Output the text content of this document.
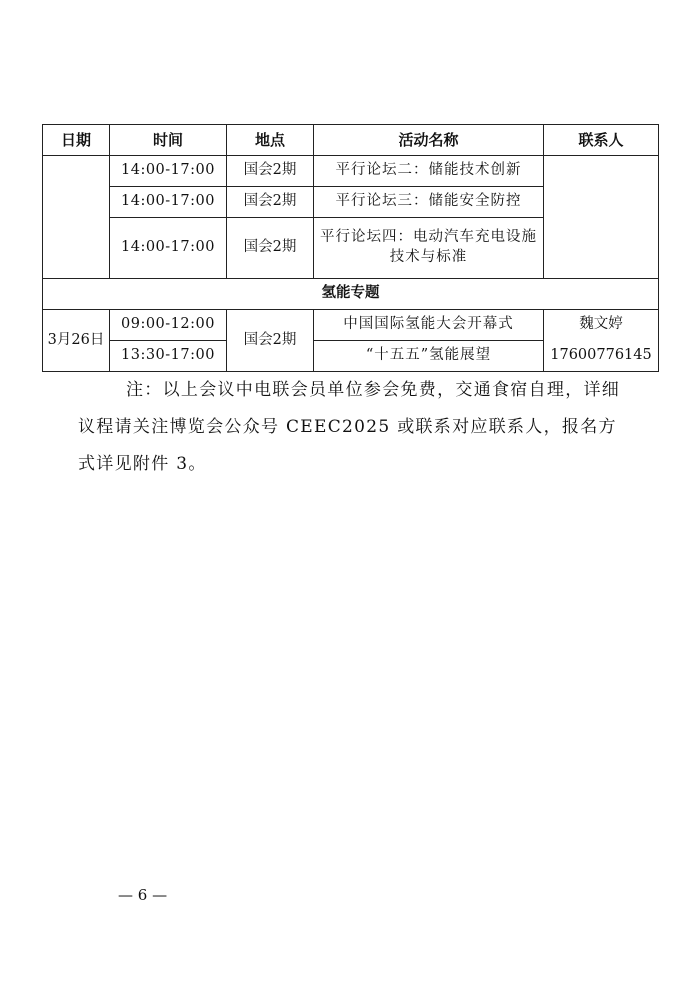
日期	时间	地点	活动名称	联系人
	14:00-17:00	国会2期	平行论坛二：储能技术创新	
	14:00-17:00	国会2期	平行论坛三：储能安全防控	
	14:00-17:00	国会2期	平行论坛四：电动汽车充电设施技术与标准	
氢能专题				
3月26日	09:00-12:00	国会2期	中国国际氢能大会开幕式	魏文婷
	13:30-17:00		“十五五”氢能展望	17600776145
注：以上会议中电联会员单位参会免费，交通食宿自理，详细议程请关注博览会公众号 CEEC2025 或联系对应联系人，报名方式详见附件 3。
— 6 —
